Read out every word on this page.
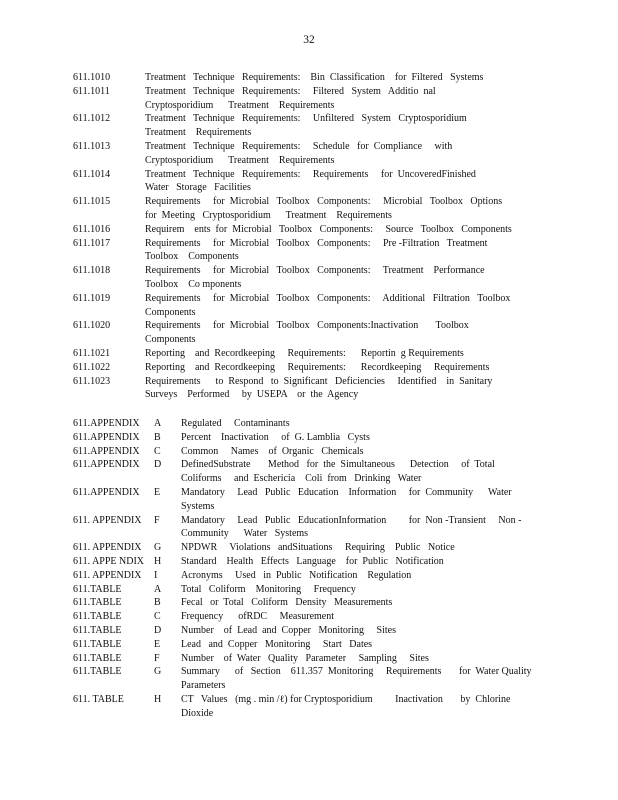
32
611.1010	Treatment   Technique   Requirements:    Bin  Classification    for  Filtered   Systems
611.1011	Treatment   Technique   Requirements:     Filtered   System   Additio  nal
Cryptosporidium      Treatment    Requirements
611.1012	Treatment   Technique   Requirements:     Unfiltered   System   Cryptosporidium
Treatment    Requirements
611.1013	Treatment   Technique   Requirements:     Schedule   for  Compliance     with
Cryptosporidium      Treatment    Requirements
611.1014	Treatment   Technique   Requirements:     Requirements     for  UncoveredFinished
Water   Storage   Facilities
611.1015	Requirements     for  Microbial   Toolbox   Components:     Microbial   Toolbox   Options
for  Meeting   Cryptosporidium      Treatment    Requirements
611.1016	Requirem    ents  for  Microbial   Toolbox   Components:     Source   Toolbox   Components
611.1017	Requirements     for  Microbial   Toolbox   Components:     Pre -Filtration   Treatment
Toolbox    Components
611.1018	Requirements     for  Microbial   Toolbox   Components:     Treatment    Performance
Toolbox    Co mponents
611.1019	Requirements     for  Microbial   Toolbox   Components:     Additional   Filtration   Toolbox
Components
611.1020	Requirements     for  Microbial   Toolbox   Components:Inactivation       Toolbox
Components
611.1021	Reporting    and  Recordkeeping     Requirements:      Reportin  g Requirements
611.1022	Reporting    and  Recordkeeping     Requirements:      Recordkeeping     Requirements
611.1023	Requirements      to  Respond   to  Significant   Deficiencies     Identified    in  Sanitary
Surveys    Performed     by  USEPA    or  the  Agency
611.APPENDIX A Regulated     Contaminants
611.APPENDIX B Percent    Inactivation     of  G. Lamblia   Cysts
611.APPENDIX C Common     Names    of  Organic   Chemicals
611.APPENDIX D DefinedSubstrate       Method   for  the  Simultaneous      Detection     of  Total
Coliforms     and  Eschericia    Coli  from   Drinking   Water
611.APPENDIX E Mandatory     Lead   Public   Education    Information     for  Community      Water
Systems
611. APPENDIX F Mandatory     Lead   Public   EducationInformation         for  Non -Transient     Non -
Community      Water   Systems
611. APPENDIX G NPDWR     Violations   andSituations     Requiring    Public   Notice
611. APPE NDIX H Standard    Health   Effects   Language    for  Public   Notification
611. APPENDIX I Acronyms     Used   in  Public   Notification    Regulation
611.TABLE	A Total   Coliform    Monitoring     Frequency
611.TABLE	B Fecal   or  Total   Coliform   Density   Measurements
611.TABLE	C Frequency      ofRDC     Measurement
611.TABLE	D Number    of  Lead  and  Copper   Monitoring     Sites
611.TABLE	E Lead   and  Copper   Monitoring     Start   Dates
611.TABLE	F Number    of  Water   Quality   Parameter     Sampling     Sites
611.TABLE	G Summary      of   Section    611.357  Monitoring     Requirements       for  Water Quality
Parameters
611. TABLE	H CT   Values   (mg . min /ℓ) for Cryptosporidium         Inactivation       by  Chlorine
Dioxide
